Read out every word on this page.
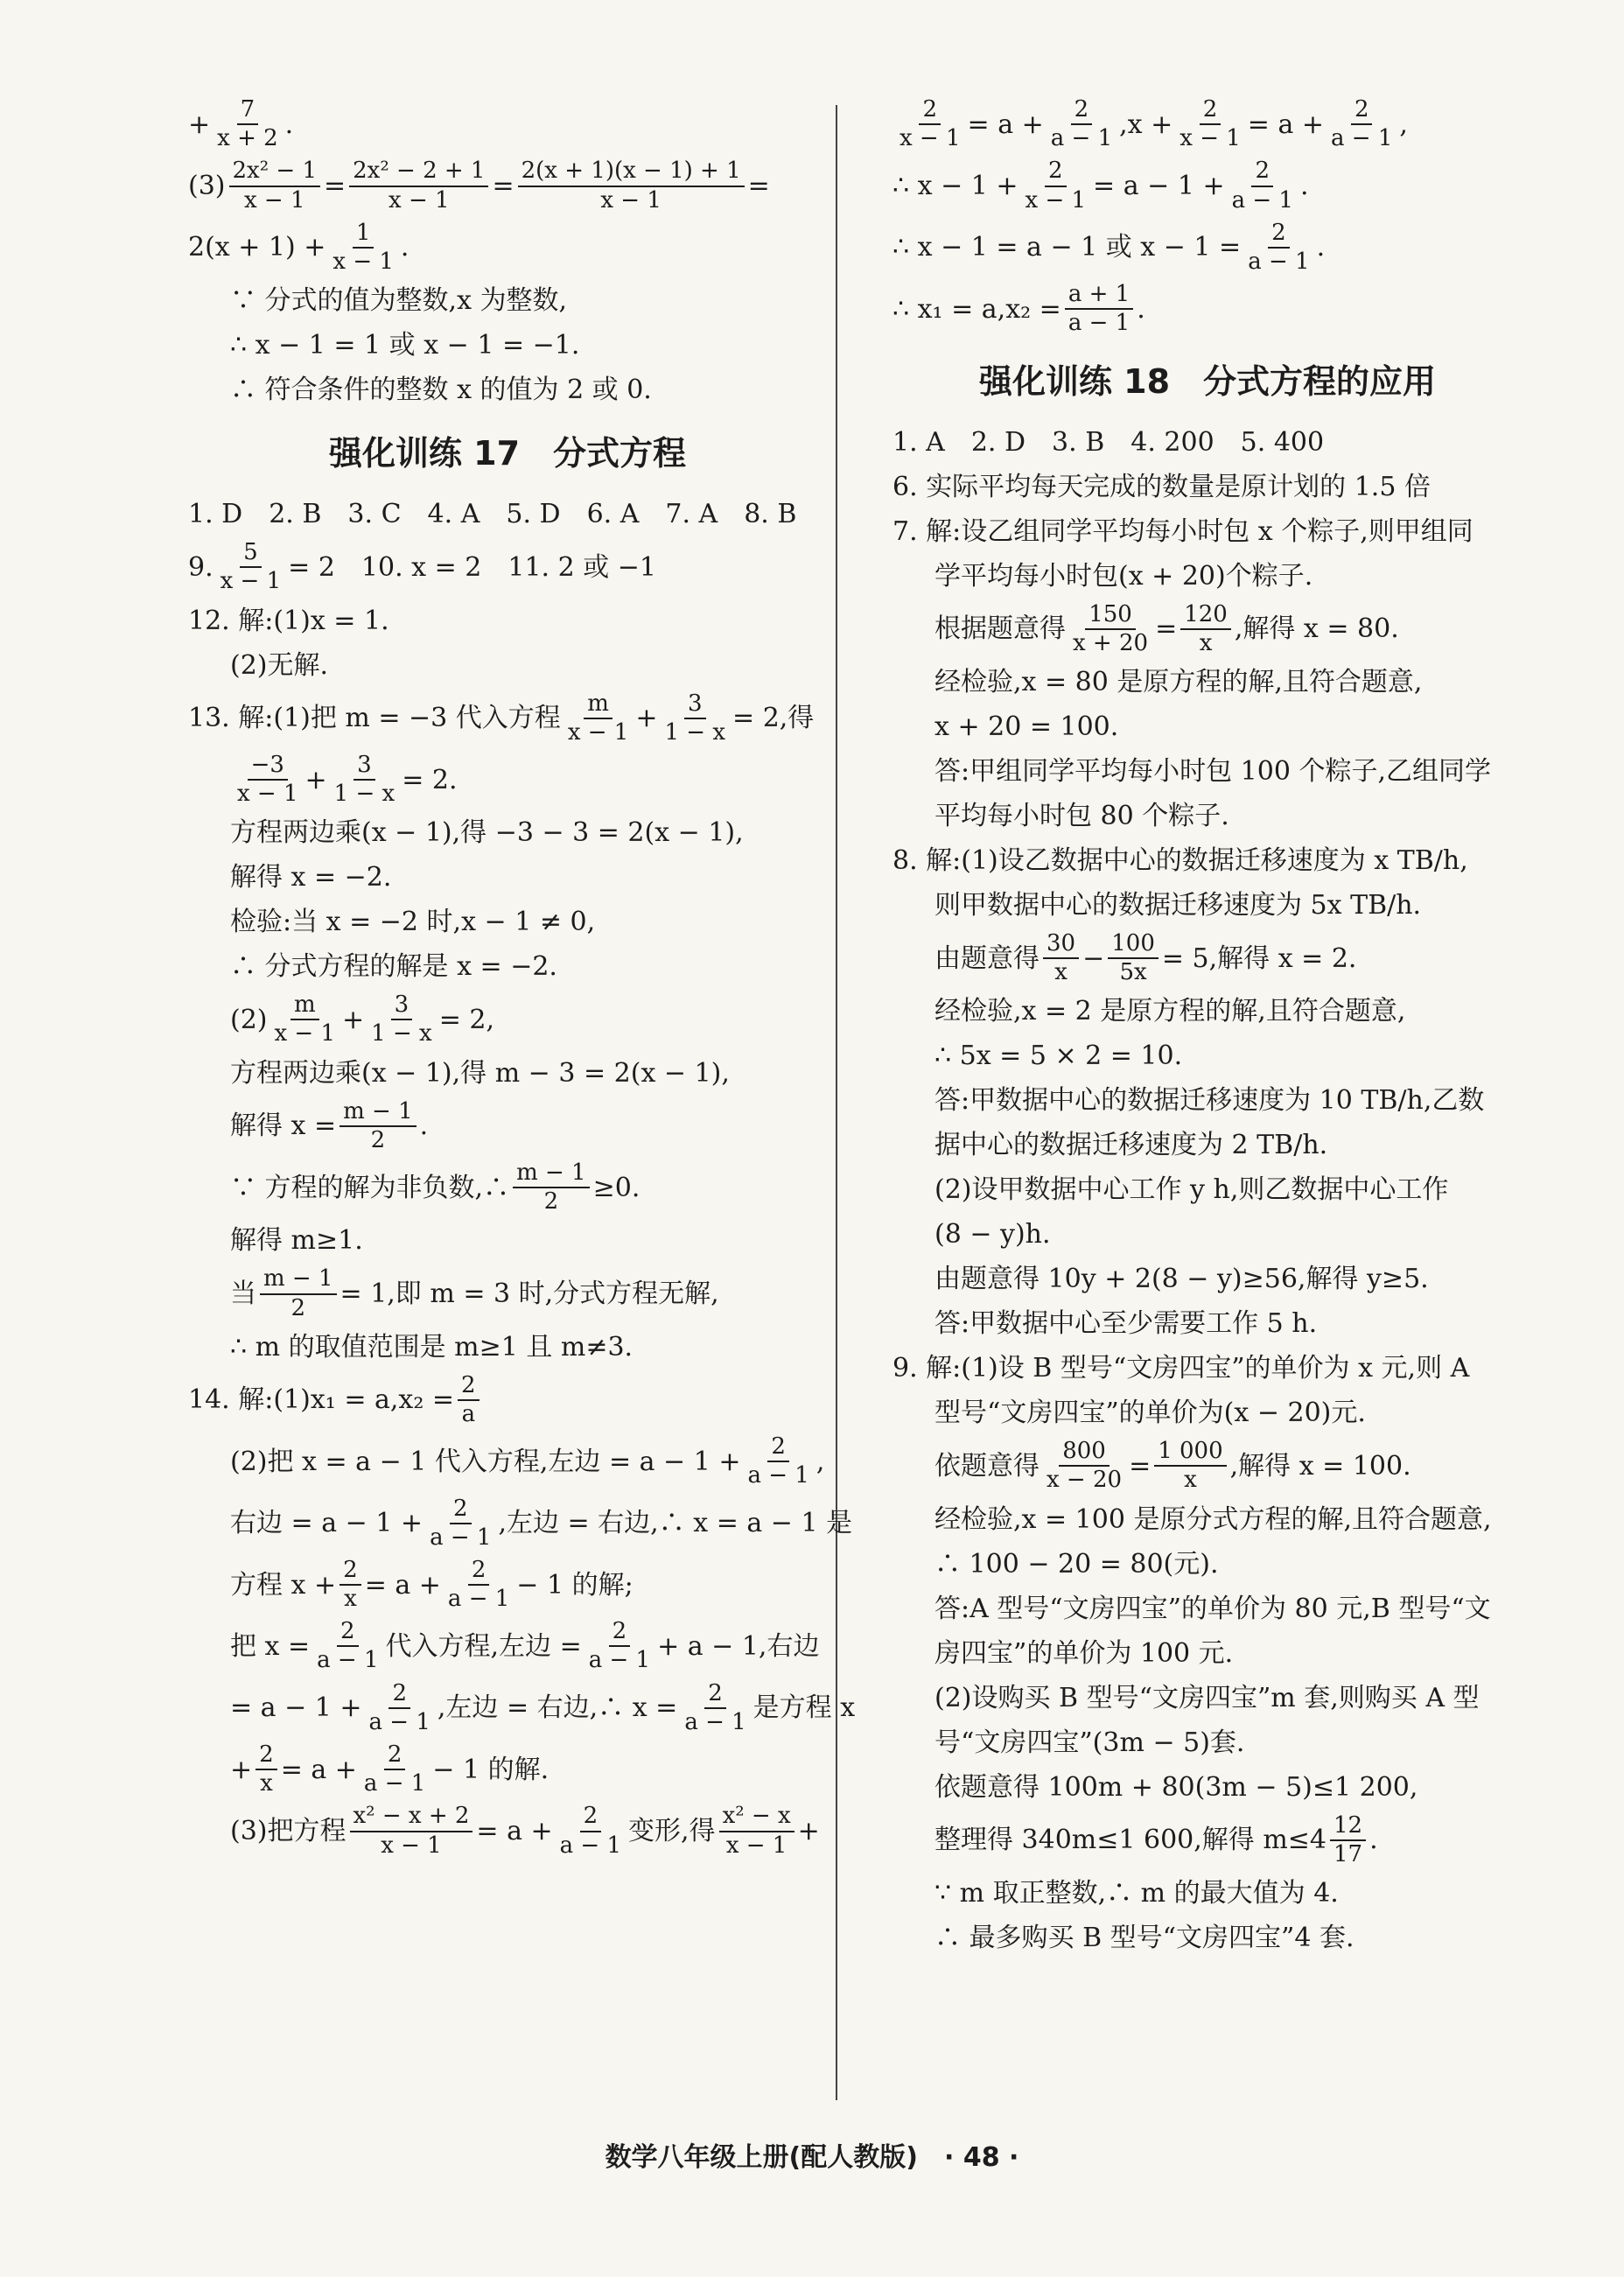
+ $\frac{7}{x + 2}$ .
$(3) \frac{\text{2x² − 1}}{x - 1} = \frac{\text{2x² − 2 + 1}}{x - 1} = \frac{2(x + 1)(x - 1) + 1}{x - 1}$ =
$2(x + 1) + \frac{1}{x - 1}$ .
∵ 分式的值为整数,x 为整数,
∴ x − 1 = 1 或 x − 1 = −1.
∴ 符合条件的整数 x 的值为 2 或 0.
强化训练 17　分式方程
1. D　2. B　3. C　4. A　5. D　6. A　7. A　8. B
9. $\frac{5}{x - 1} = 2$　10. x = 2　11. 2 或 −1
12. 解:(1)x = 1.
(2)无解.
13. 解:(1)把 m = −3 代入方程 $\frac{m}{x - 1} + \frac{3}{1 - x} = 2$,得
$\frac{-3}{x - 1} + \frac{3}{1 - x} = 2$.
方程两边乘(x − 1),得 −3 − 3 = 2(x − 1),
解得 x = −2.
检验:当 x = −2 时,x − 1 ≠ 0,
∴ 分式方程的解是 x = −2.
$(2) \frac{m}{x - 1} + \frac{3}{1 - x} = 2$,
方程两边乘(x − 1),得 m − 3 = 2(x − 1),
解得 $x = \frac{m - 1}{2}$ .
∵ 方程的解为非负数,∴ $\frac{m - 1}{2} \ge 0$.
解得 m≥1.
当 $\frac{m - 1}{2} = 1$,即 m = 3 时,分式方程无解,
∴ m 的取值范围是 m≥1 且 m≠3.
14. 解:(1)x₁ = $a,x_2 = \frac{2}{a}$
(2)把 x = a − 1 代入方程,左边 = $a - 1 + \frac{2}{a - 1}$ ,
右边 = $a - 1 + \frac{2}{a - 1}$ ,左边 = 右边,∴ x = a − 1 是
方程 $x + \frac{2}{x} = a + \frac{2}{a - 1} - 1$ 的解;
把 $x = \frac{2}{a - 1}$ 代入方程,左边 = $\frac{2}{a - 1} + a - 1$,右边
= $a - 1 + \frac{2}{a - 1}$ ,左边 = 右边,∴ $x = \frac{2}{a - 1}$ 是方程 x
+ $\frac{2}{x} = a + \frac{2}{a - 1} - 1$ 的解.
(3)把方程 $\frac{\text{x² − x + 2}}{x - 1} = a + \frac{2}{a - 1}$ 变形,得 $\frac{\text{x² − x}}{x - 1}$ +
$\frac{2}{x - 1} = a + \frac{2}{a - 1} ,x + \frac{2}{x - 1} = a + \frac{2}{a - 1}$ ,
∴ $x - 1 + \frac{2}{x - 1} = a - 1 + \frac{2}{a - 1}$ .
∴ x − 1 = a − 1 或 $x - 1 = \frac{2}{a - 1}$ .
∴ $x_1 = a,x_2 = \frac{a + 1}{a - 1}$ .
强化训练 18　分式方程的应用
1. A　2. D　3. B　4. 200　5. 400
6. 实际平均每天完成的数量是原计划的 1.5 倍
7. 解:设乙组同学平均每小时包 x 个粽子,则甲组同
学平均每小时包(x + 20)个粽子.
根据题意得 $\frac{150}{x + 20} = \frac{120}{x}$ ,解得 x = 80.
经检验,x = 80 是原方程的解,且符合题意,
x + 20 = 100.
答:甲组同学平均每小时包 100 个粽子,乙组同学
平均每小时包 80 个粽子.
8. 解:(1)设乙数据中心的数据迁移速度为 x TB/h,
则甲数据中心的数据迁移速度为 5x TB/h.
由题意得 $\frac{30}{x} - \frac{100}{5x} = 5$,解得 x = 2.
经检验,x = 2 是原方程的解,且符合题意,
∴ 5x = 5 × 2 = 10.
答:甲数据中心的数据迁移速度为 10 TB/h,乙数
据中心的数据迁移速度为 2 TB/h.
(2)设甲数据中心工作 y h,则乙数据中心工作
(8 − y)h.
由题意得 10y + 2(8 − y)≥56,解得 y≥5.
答:甲数据中心至少需要工作 5 h.
9. 解:(1)设 B 型号“文房四宝”的单价为 x 元,则 A
型号“文房四宝”的单价为(x − 20)元.
依题意得 $\frac{800}{x - 20} = \frac{1 000}{x}$ ,解得 x = 100.
经检验,x = 100 是原分式方程的解,且符合题意,
∴ 100 − 20 = 80(元).
答:A 型号“文房四宝”的单价为 80 元,B 型号“文
房四宝”的单价为 100 元.
(2)设购买 B 型号“文房四宝”m 套,则购买 A 型
号“文房四宝”(3m − 5)套.
依题意得 100m + 80(3m − 5)≤1 200,
整理得 340m≤1 600,解得 $m\le 4 \frac{12}{17}$ .
∵ m 取正整数,∴ m 的最大值为 4.
∴ 最多购买 B 型号“文房四宝”4 套.
数学八年级上册(配人教版)　· 48 ·
